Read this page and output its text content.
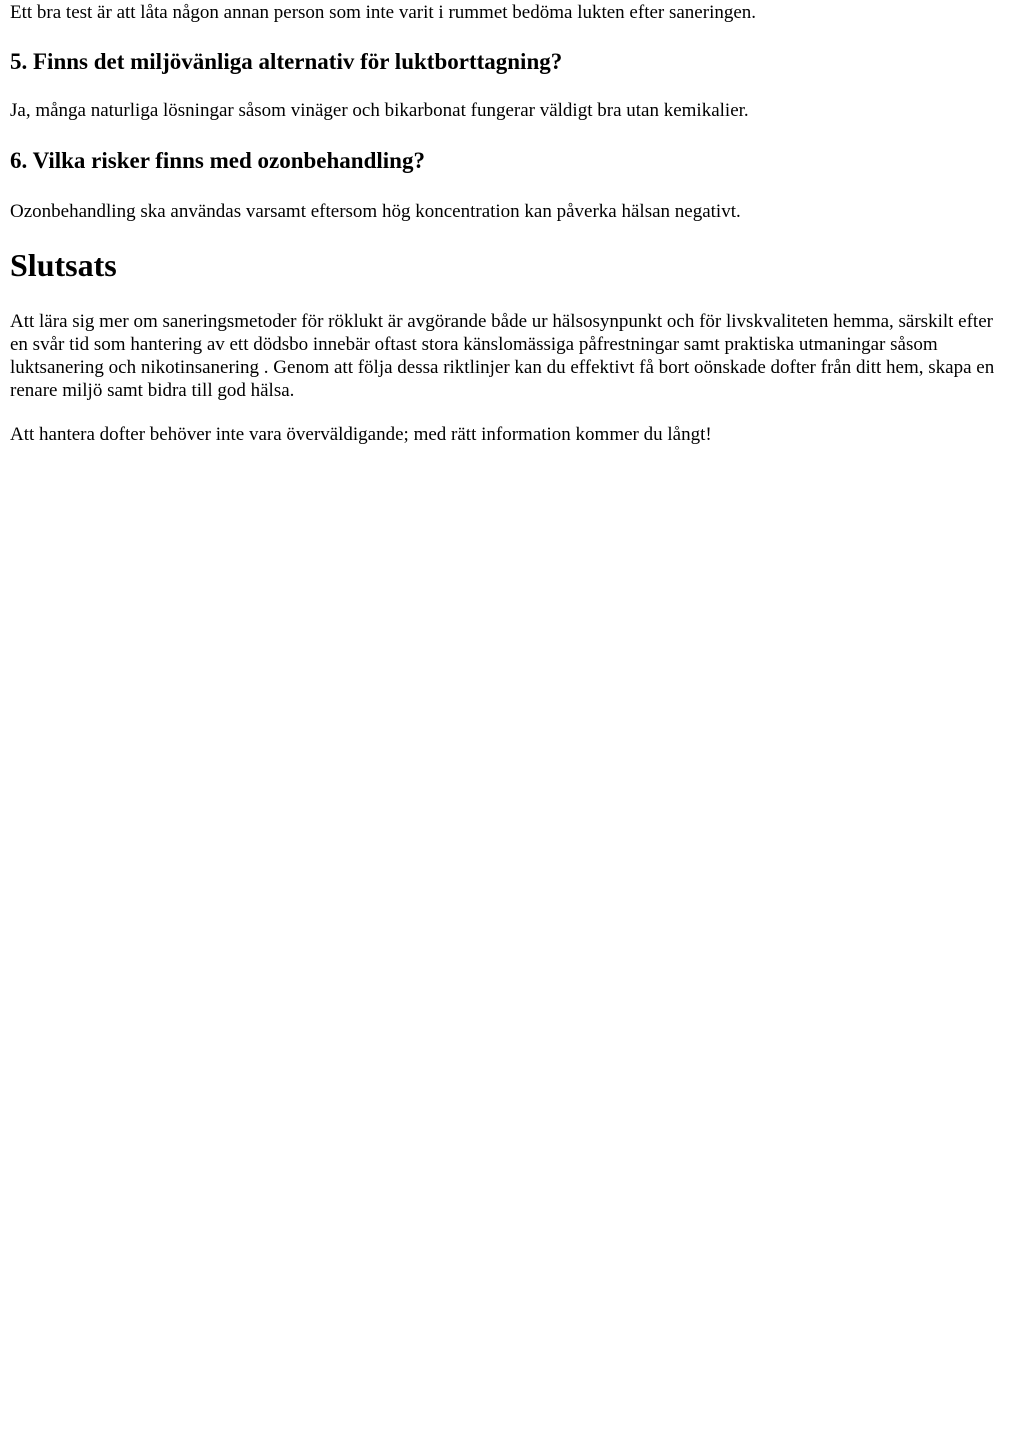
Ett bra test är att låta någon annan person som inte varit i rummet bedöma lukten efter saneringen.

5. Finns det miljövänliga alternativ för luktborttagning?

Ja, många naturliga lösningar såsom vinäger och bikarbonat fungerar väldigt bra utan kemikalier.

6. Vilka risker finns med ozonbehandling?

Ozonbehandling ska användas varsamt eftersom hög koncentration kan påverka hälsan negativt.

Slutsats

Att lära sig mer om saneringsmetoder för röklukt är avgörande både ur hälsosynpunkt och för livskvaliteten hemma, särskilt efter en svår tid som hantering av ett dödsbo innebär oftast stora känslomässiga påfrestningar samt praktiska utmaningar såsom luktsanering och nikotinsanering . Genom att följa dessa riktlinjer kan du effektivt få bort oönskade dofter från ditt hem, skapa en renare miljö samt bidra till god hälsa.

Att hantera dofter behöver inte vara överväldigande; med rätt information kommer du långt!
